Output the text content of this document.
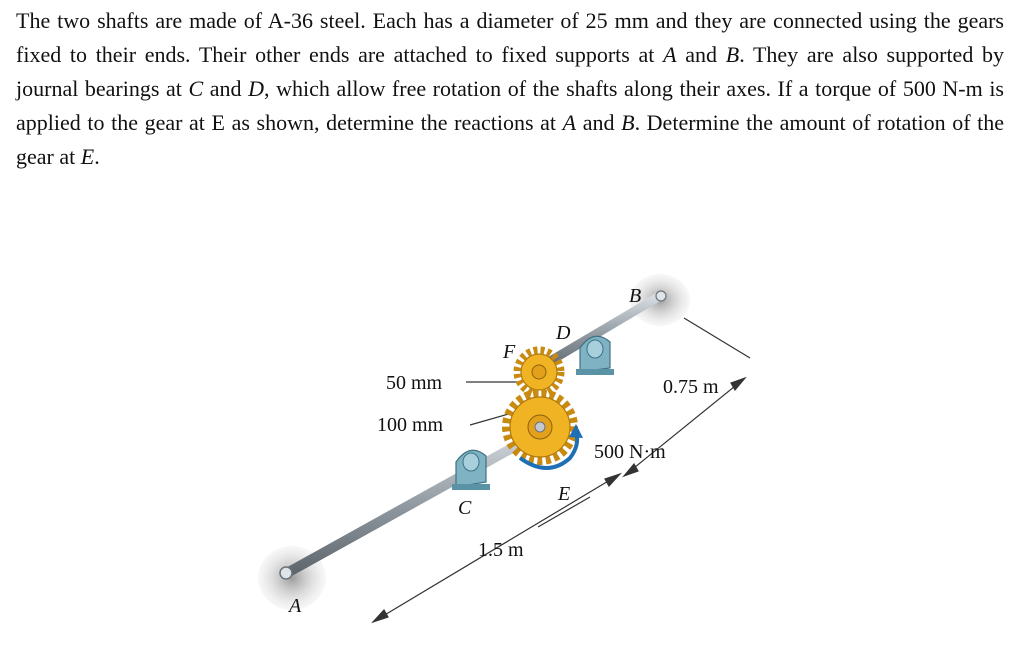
The two shafts are made of A-36 steel. Each has a diameter of 25 mm and they are connected using the gears fixed to their ends. Their other ends are attached to fixed supports at A and B. They are also supported by journal bearings at C and D, which allow free rotation of the shafts along their axes. If a torque of 500 N-m is applied to the gear at E as shown, determine the reactions at A and B. Determine the amount of rotation of the gear at E.

A
B
C
D
E
F
50 mm
100 mm
1.5 m
0.75 m
500 N·m
